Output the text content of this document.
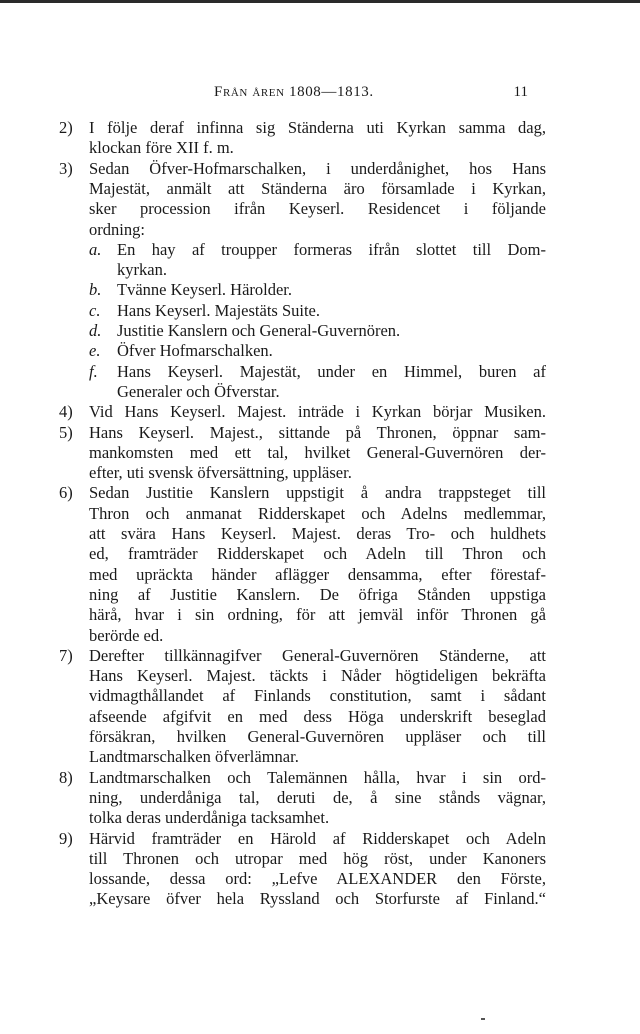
Från åren 1808—1813.	11
2) I följe deraf infinna sig Ständerna uti Kyrkan samma dag,
klockan före XII f. m.
3) Sedan Öfver-Hofmarschalken, i underdånighet, hos Hans
Majestät, anmält att Ständerna äro församlade i Kyrkan,
sker procession ifrån Keyserl. Residencet i följande
ordning:
a. En hay af troupper formeras ifrån slottet till Dom-
kyrkan.
b. Tvänne Keyserl. Härolder.
c.	Hans Keyserl. Majestäts Suite.
d. Justitie Kanslern och General-Guvernören.
e.	Öfver Hofmarschalken.
f.	Hans Keyserl. Majestät, under en Himmel, buren af
Generaler och Öfverstar.
4) Vid Hans Keyserl. Majest. inträde i Kyrkan börjar Musiken.
5) Hans Keyserl. Majest., sittande på Thronen, öppnar sam-
mankomsten med ett tal, hvilket General-Guvernören der-
efter, uti svensk öfversättning, uppläser.
6) Sedan Justitie Kanslern uppstigit å andra trappsteget till
Thron och anmanat Ridderskapet och Adelns medlemmar,
att svära Hans Keyserl. Majest. deras Tro- och huldhets
ed, framträder Ridderskapet och Adeln till Thron och
med upräckta händer aflägger densamma, efter förestaf-
ning af Justitie Kanslern. De öfriga Stånden uppstiga
härå, hvar i sin ordning, för att jemväl inför Thronen gå
berörde ed.
7) Derefter tillkännagifver General-Guvernören Ständerne, att
Hans Keyserl. Majest. täckts i Nåder högtideligen bekräfta
vidmagthållandet af Finlands constitution, samt i sådant
afseende afgifvit en med dess Höga underskrift beseglad
försäkran, hvilken General-Guvernören uppläser och till
Landtmarschalken öfverlämnar.
8) Landtmarschalken och Talemännen hålla, hvar i sin ord-
ning, underdåniga tal, deruti de, å sine stånds vägnar,
tolka deras underdåniga tacksamhet.
9) Härvid framträder en Härold af Ridderskapet och Adeln
till Thronen och utropar med hög röst, under Kanoners
lossande, dessa ord: „Lefve ALEXANDER den Förste,
„Keysare öfver hela Ryssland och Storfurste af Finland.“
